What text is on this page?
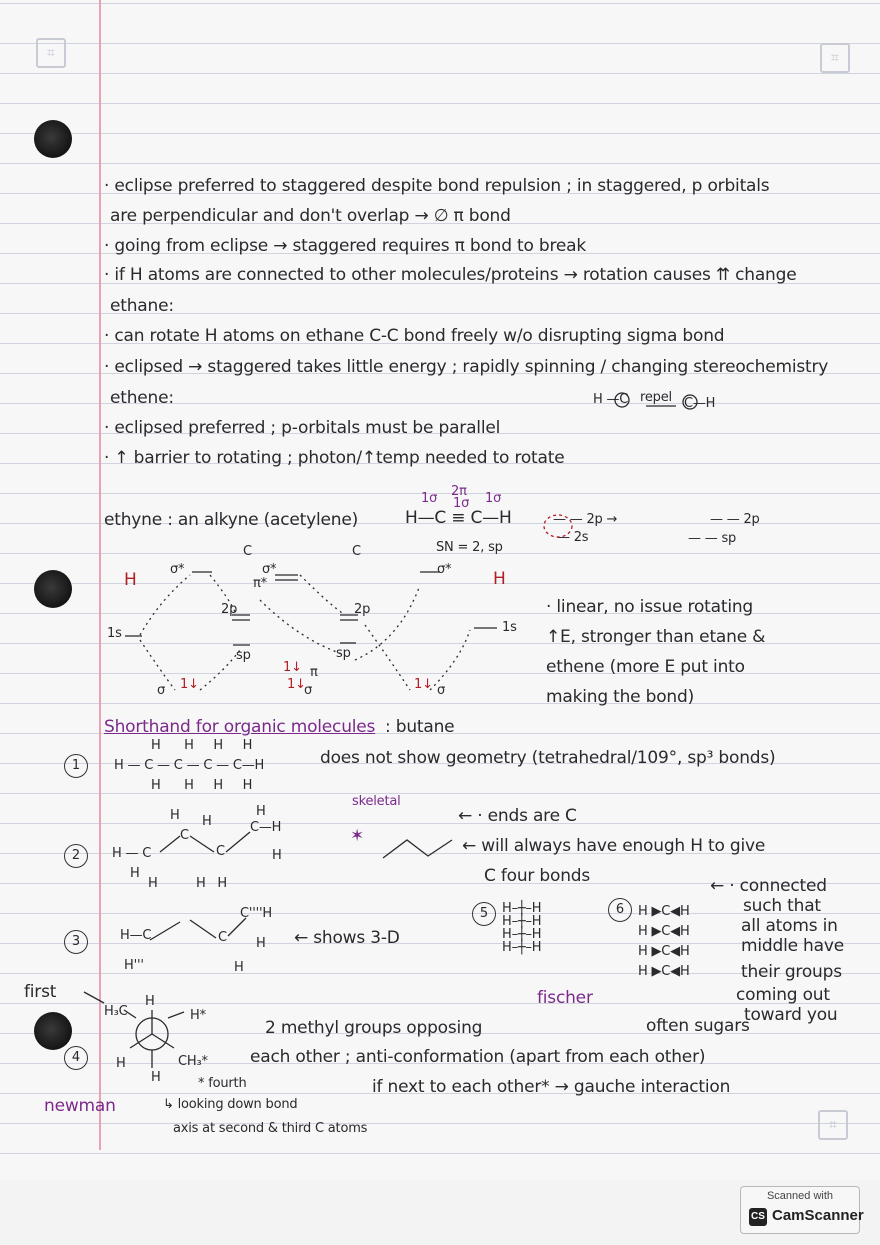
⌗	⌗
⌗
· eclipse preferred to staggered despite bond repulsion ; in staggered, p orbitals
are perpendicular and don't overlap → ∅ π bond
· going from eclipse → staggered requires π bond to break
· if H atoms are connected to other molecules/proteins → rotation causes ⇈ change
ethane:
· can rotate H atoms on ethane C-C bond freely w/o disrupting sigma bond
· eclipsed → staggered takes little energy ; rapidly spinning / changing stereochemistry
ethene:
· eclipsed preferred ; p-orbitals must be parallel
· ↑ barrier to rotating ; photon/↑temp needed to rotate
H —C repel C—H
ethyne : an alkyne (acetylene)
1σ 2π
1σ 1σ
H—C ≡ C—H
SN = 2, sp
— — 2p →
— 2s
— — 2p
— — sp
H
C	C
H
1s	1s
σ*	σ*
π*
σ*
2p	2p
sp	sp
σ	σ
π
σ
1↓
1↓
1↓	1↓
· linear, no issue rotating
↑E, stronger than etane &
ethene (more E put into
making the bond)
Shorthand for organic molecules : butane
1	H — C — C — C — C—H
H      H     H     H
H      H     H     H
does not show geometry (tetrahedral/109°, sp³ bonds)
2	H — C
H H
C
C
H   H
H
H
H
C—H
H
skeletal
✶
← · ends are C
← will always have enough H to give
C four bonds
3	H—C
H'''
C''''H
C H
H
← shows 3-D
5	H–┼–H
H–┼–H
H–┼–H
H–┼–H
fischer
6	H ▶C◀H
H ▶C◀H
H ▶C◀H
H ▶C◀H
← · connected
such that
all atoms in
middle have
their groups
coming out
toward you
often sugars
first
4
H₃C
H
H*
H	CH₃*
H
2 methyl groups opposing
each other ; anti-conformation (apart from each other)
if next to each other* → gauche interaction
* fourth
↳ looking down bond
axis at second & third C atoms
newman
Scanned with
CS CamScanner
